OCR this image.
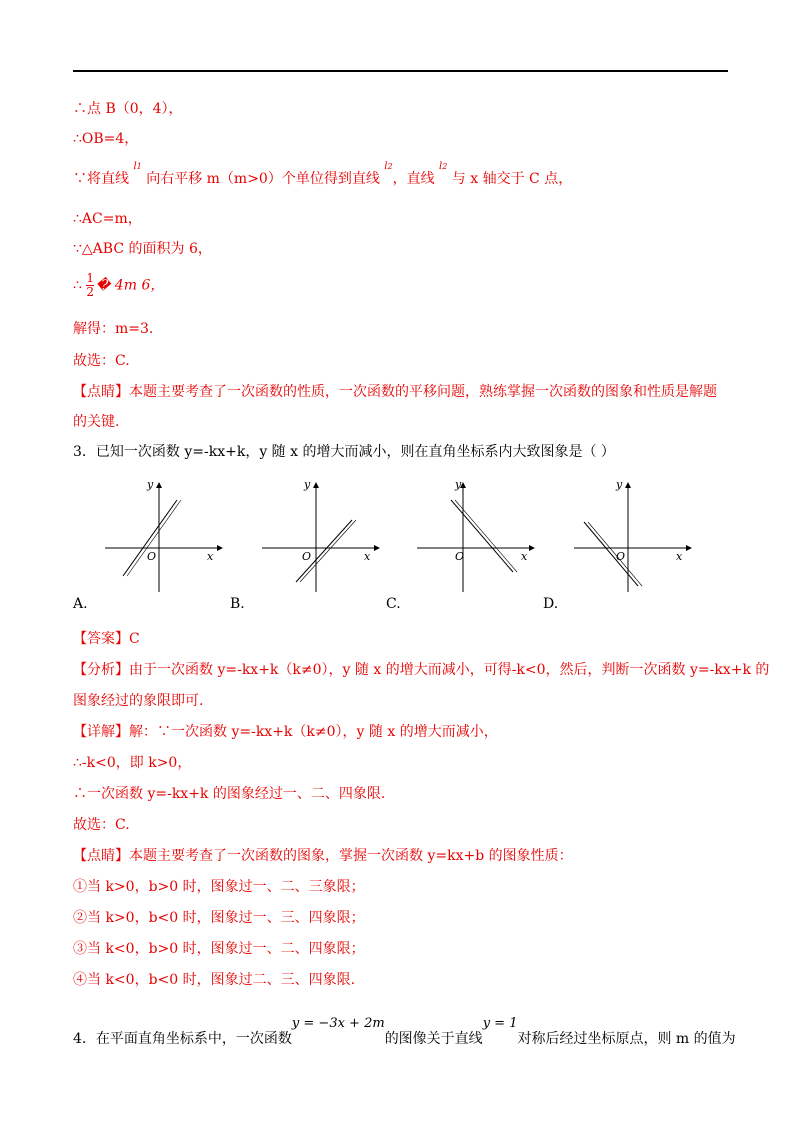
∴点 B（0，4），
∴OB=4，
∵将直线 $^{l1}$ 向右平移 m（m>0）个单位得到直线 $^{l2}$，直线 $^{l2}$ 与 x 轴交于 C 点，
∴AC=m，
∵△ABC 的面积为 6，
∴ $\frac{1}{2}$ � 4m 6，
解得：m=3.
故选：C.
【点睛】本题主要考查了一次函数的性质，一次函数的平移问题，熟练掌握一次函数的图象和性质是解题
的关键.
3．已知一次函数 y=-kx+k，y 随 x 的增大而减小，则在直角坐标系内大致图象是（ ）
y
x
O
y
x
O
y
x
O
y
x
O
A.	B.	C.	D.
【答案】C
【分析】由于一次函数 y=-kx+k（k≠0），y 随 x 的增大而减小，可得-k<0，然后，判断一次函数 y=-kx+k 的
图象经过的象限即可.
【详解】解：∵一次函数 y=-kx+k（k≠0），y 随 x 的增大而减小，
∴-k<0，即 k>0，
∴一次函数 y=-kx+k 的图象经过一、二、四象限.
故选：C.
【点睛】本题主要考查了一次函数的图象，掌握一次函数 y=kx+b 的图象性质：
①当 k>0，b>0 时，图象过一、二、三象限；
②当 k>0，b<0 时，图象过一、三、四象限；
③当 k<0，b>0 时，图象过一、二、四象限；
④当 k<0，b<0 时，图象过二、三、四象限.
4．在平面直角坐标系中，一次函数y = −3x + 2m的图像关于直线y = 1对称后经过坐标原点，则 m 的值为
